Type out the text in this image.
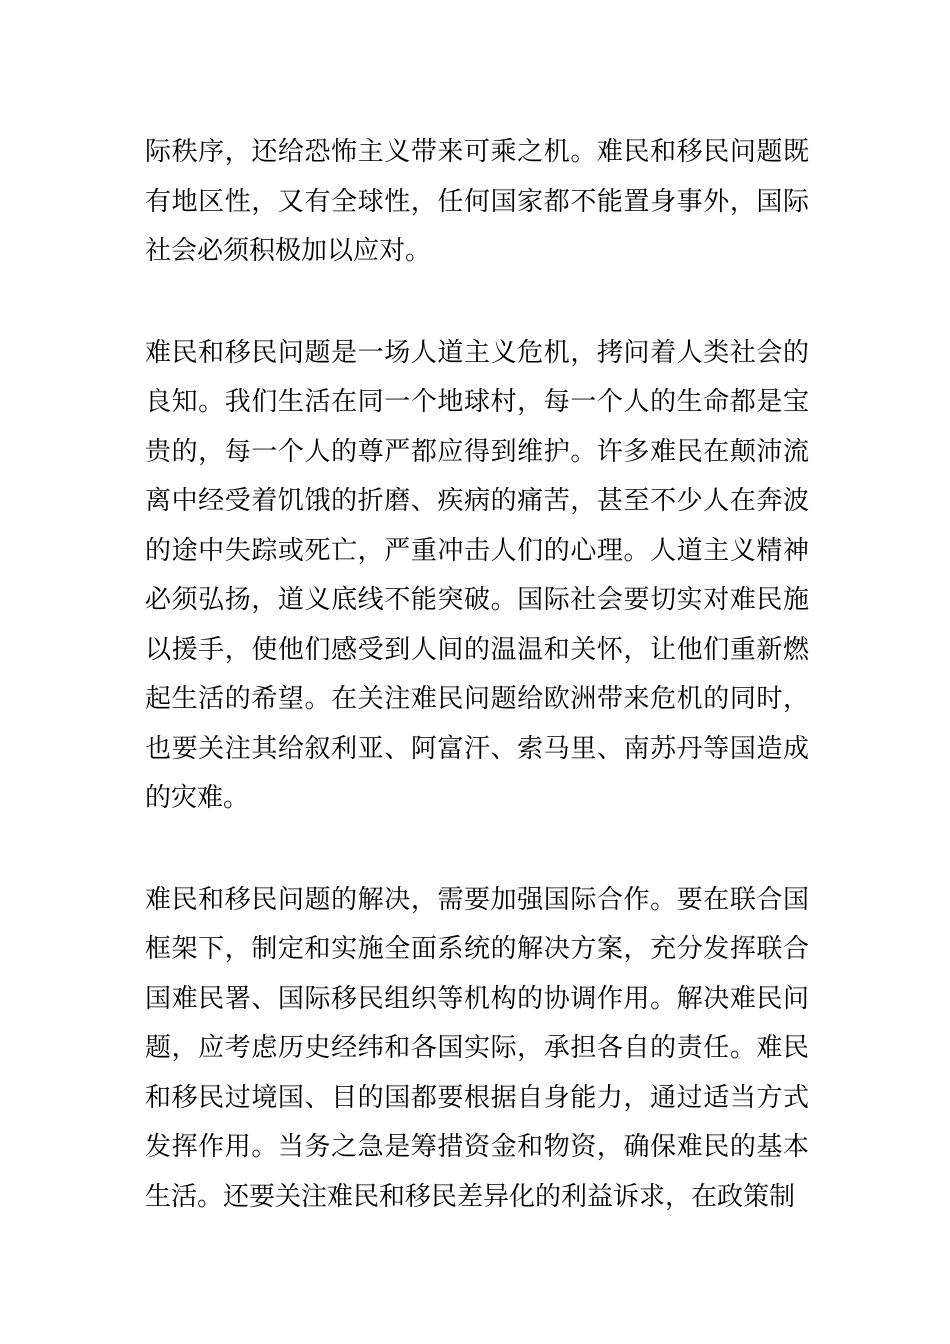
际秩序，还给恐怖主义带来可乘之机。难民和移民问题既有地区性，又有全球性，任何国家都不能置身事外，国际社会必须积极加以应对。

难民和移民问题是一场人道主义危机，拷问着人类社会的良知。我们生活在同一个地球村，每一个人的生命都是宝贵的，每一个人的尊严都应得到维护。许多难民在颠沛流离中经受着饥饿的折磨、疾病的痛苦，甚至不少人在奔波的途中失踪或死亡，严重冲击人们的心理。人道主义精神必须弘扬，道义底线不能突破。国际社会要切实对难民施以援手，使他们感受到人间的温温和关怀，让他们重新燃起生活的希望。在关注难民问题给欧洲带来危机的同时，也要关注其给叙利亚、阿富汗、索马里、南苏丹等国造成的灾难。

难民和移民问题的解决，需要加强国际合作。要在联合国框架下，制定和实施全面系统的解决方案，充分发挥联合国难民署、国际移民组织等机构的协调作用。解决难民问题，应考虑历史经纬和各国实际，承担各自的责任。难民和移民过境国、目的国都要根据自身能力，通过适当方式发挥作用。当务之急是筹措资金和物资，确保难民的基本生活。还要关注难民和移民差异化的利益诉求，在政策制
